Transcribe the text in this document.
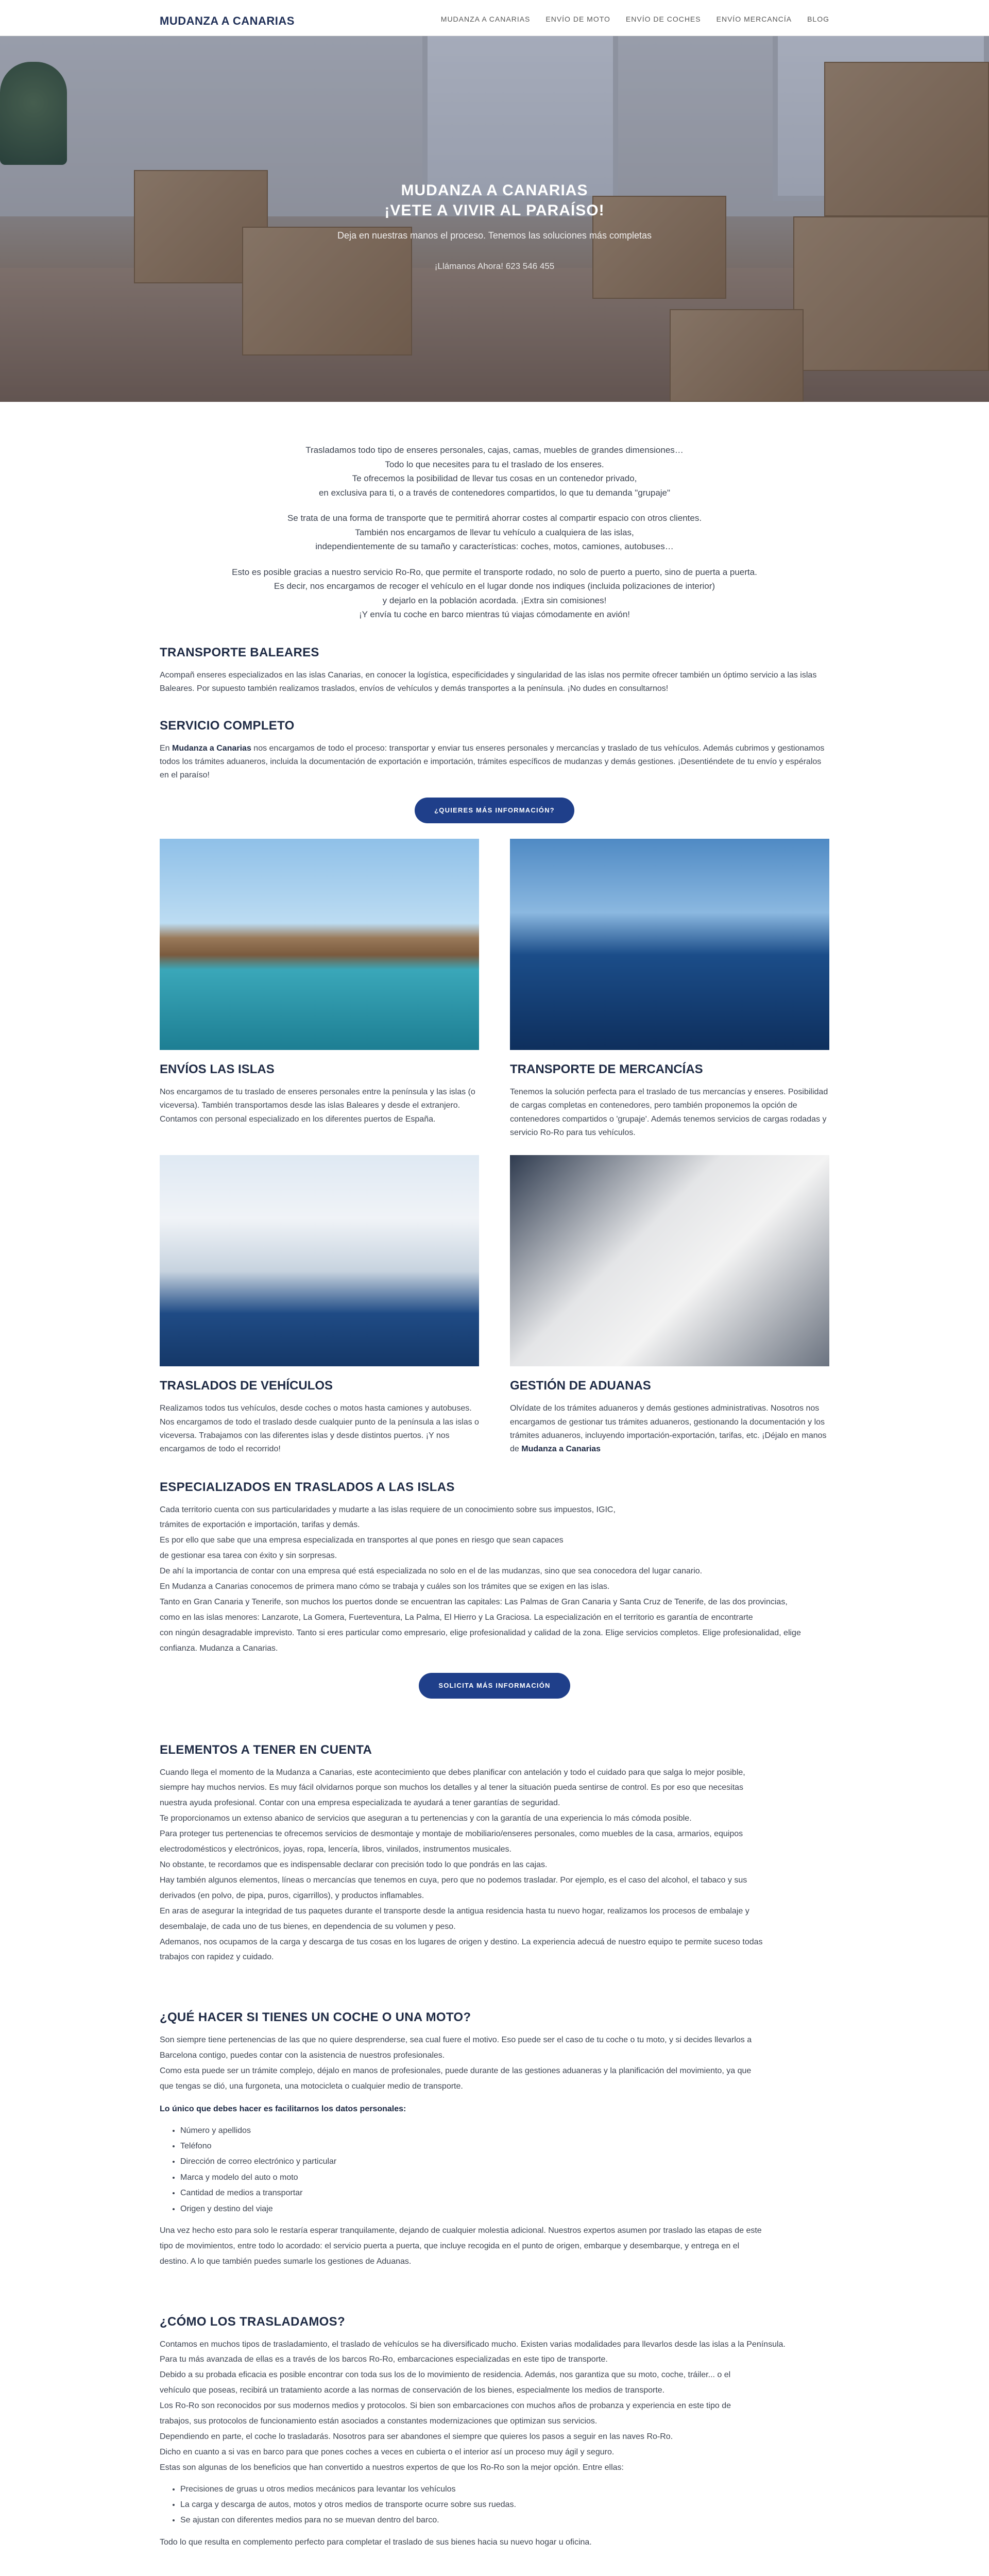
MUDANZA A CANARIAS	MUDANZA A CANARIAS ENVÍO DE MOTO ENVÍO DE COCHES ENVÍO MERCANCÍA BLOG
MUDANZA A CANARIAS
¡VETE A VIVIR AL PARAÍSO!
Deja en nuestras manos el proceso. Tenemos las soluciones más completas
¡Llámanos Ahora! 623 546 455

Trasladamos todo tipo de enseres personales, cajas, camas, muebles de grandes dimensiones…
Todo lo que necesites para tu el traslado de los enseres.
Te ofrecemos la posibilidad de llevar tus cosas en un contenedor privado,
en exclusiva para ti, o a través de contenedores compartidos, lo que tu demanda "grupaje"

Se trata de una forma de transporte que te permitirá ahorrar costes al compartir espacio con otros clientes.
También nos encargamos de llevar tu vehículo a cualquiera de las islas,
independientemente de su tamaño y características: coches, motos, camiones, autobuses…

Esto es posible gracias a nuestro servicio Ro-Ro, que permite el transporte rodado, no solo de puerto a puerto, sino de puerta a puerta.
Es decir, nos encargamos de recoger el vehículo en el lugar donde nos indiques (incluida polizaciones de interior)
y dejarlo en la población acordada. ¡Extra sin comisiones!
¡Y envía tu coche en barco mientras tú viajas cómodamente en avión!

TRANSPORTE BALEARES

Acompañ enseres especializados en las islas Canarias, en conocer la logística, especificidades y singularidad de las islas nos permite ofrecer también un óptimo servicio a las islas Baleares. Por supuesto también realizamos traslados, envíos de vehículos y demás transportes a la península. ¡No dudes en consultarnos!

SERVICIO COMPLETO

En Mudanza a Canarias nos encargamos de todo el proceso: transportar y enviar tus enseres personales y mercancías y traslado de tus vehículos. Además cubrimos y gestionamos todos los trámites aduaneros, incluida la documentación de exportación e importación, trámites específicos de mudanzas y demás gestiones. ¡Desentiéndete de tu envío y espéralos en el paraíso!

¿QUIERES MÁS INFORMACIÓN?
ENVÍOS LAS ISLAS

Nos encargamos de tu traslado de enseres personales entre la península y las islas (o viceversa). También transportamos desde las islas Baleares y desde el extranjero. Contamos con personal especializado en los diferentes puertos de España.

TRANSPORTE DE MERCANCÍAS

Tenemos la solución perfecta para el traslado de tus mercancías y enseres. Posibilidad de cargas completas en contenedores, pero también proponemos la opción de contenedores compartidos o 'grupaje'. Además tenemos servicios de cargas rodadas y servicio Ro-Ro para tus vehículos.

TRASLADOS DE VEHÍCULOS

Realizamos todos tus vehículos, desde coches o motos hasta camiones y autobuses. Nos encargamos de todo el traslado desde cualquier punto de la península a las islas o viceversa. Trabajamos con las diferentes islas y desde distintos puertos. ¡Y nos encargamos de todo el recorrido!

GESTIÓN DE ADUANAS

Olvídate de los trámites aduaneros y demás gestiones administrativas. Nosotros nos encargamos de gestionar tus trámites aduaneros, gestionando la documentación y los trámites aduaneros, incluyendo importación-exportación, tarifas, etc. ¡Déjalo en manos de Mudanza a Canarias

ESPECIALIZADOS EN TRASLADOS A LAS ISLAS

Cada territorio cuenta con sus particularidades y mudarte a las islas requiere de un conocimiento sobre sus impuestos, IGIC,

trámites de exportación e importación, tarifas y demás.

Es por ello que sabe que una empresa especializada en transportes al que pones en riesgo que sean capaces

de gestionar esa tarea con éxito y sin sorpresas.

De ahí la importancia de contar con una empresa qué está especializada no solo en el de las mudanzas, sino que sea conocedora del lugar canario.

En Mudanza a Canarias conocemos de primera mano cómo se trabaja y cuáles son los trámites que se exigen en las islas.

Tanto en Gran Canaria y Tenerife, son muchos los puertos donde se encuentran las capitales: Las Palmas de Gran Canaria y Santa Cruz de Tenerife, de las dos provincias,

como en las islas menores: Lanzarote, La Gomera, Fuerteventura, La Palma, El Hierro y La Graciosa. La especialización en el territorio es garantía de encontrarte

con ningún desagradable imprevisto. Tanto si eres particular como empresario, elige profesionalidad y calidad de la zona. Elige servicios completos. Elige profesionalidad, elige

confianza. Mudanza a Canarias.

SOLICITA MÁS INFORMACIÓN
ELEMENTOS A TENER EN CUENTA

Cuando llega el momento de la Mudanza a Canarias, este acontecimiento que debes planificar con antelación y todo el cuidado para que salga lo mejor posible,

siempre hay muchos nervios. Es muy fácil olvidarnos porque son muchos los detalles y al tener la situación pueda sentirse de control. Es por eso que necesitas

nuestra ayuda profesional. Contar con una empresa especializada te ayudará a tener garantías de seguridad.

Te proporcionamos un extenso abanico de servicios que aseguran a tu pertenencias y con la garantía de una experiencia lo más cómoda posible.

Para proteger tus pertenencias te ofrecemos servicios de desmontaje y montaje de mobiliario/enseres personales, como muebles de la casa, armarios, equipos

electrodomésticos y electrónicos, joyas, ropa, lencería, libros, vinilados, instrumentos musicales.

No obstante, te recordamos que es indispensable declarar con precisión todo lo que pondrás en las cajas.

Hay también algunos elementos, líneas o mercancías que tenemos en cuya, pero que no podemos trasladar. Por ejemplo, es el caso del alcohol, el tabaco y sus

derivados (en polvo, de pipa, puros, cigarrillos), y productos inflamables.

En aras de asegurar la integridad de tus paquetes durante el transporte desde la antigua residencia hasta tu nuevo hogar, realizamos los procesos de embalaje y

desembalaje, de cada uno de tus bienes, en dependencia de su volumen y peso.

Ademanos, nos ocupamos de la carga y descarga de tus cosas en los lugares de origen y destino. La experiencia adecuá de nuestro equipo te permite suceso todas

trabajos con rapidez y cuidado.

¿QUÉ HACER SI TIENES UN COCHE O UNA MOTO?

Son siempre tiene pertenencias de las que no quiere desprenderse, sea cual fuere el motivo. Eso puede ser el caso de tu coche o tu moto, y si decides llevarlos a

Barcelona contigo, puedes contar con la asistencia de nuestros profesionales.

Como esta puede ser un trámite complejo, déjalo en manos de profesionales, puede durante de las gestiones aduaneras y la planificación del movimiento, ya que

que tengas se dió, una furgoneta, una motocicleta o cualquier medio de transporte.

Lo único que debes hacer es facilitarnos los datos personales:

• Número y apellidos
• Teléfono
• Dirección de correo electrónico y particular
• Marca y modelo del auto o moto
• Cantidad de medios a transportar
• Origen y destino del viaje

Una vez hecho esto para solo le restaría esperar tranquilamente, dejando de cualquier molestia adicional. Nuestros expertos asumen por traslado las etapas de este

tipo de movimientos, entre todo lo acordado: el servicio puerta a puerta, que incluye recogida en el punto de origen, embarque y desembarque, y entrega en el

destino. A lo que también puedes sumarle los gestiones de Aduanas.

¿CÓMO LOS TRASLADAMOS?

Contamos en muchos tipos de trasladamiento, el traslado de vehículos se ha diversificado mucho. Existen varias modalidades para llevarlos desde las islas a la Península.

Para tu más avanzada de ellas es a través de los barcos Ro-Ro, embarcaciones especializadas en este tipo de transporte.

Debido a su probada eficacia es posible encontrar con toda sus los de lo movimiento de residencia. Además, nos garantiza que su moto, coche, tráiler... o el

vehículo que poseas, recibirá un tratamiento acorde a las normas de conservación de los bienes, especialmente los medios de transporte.

Los Ro-Ro son reconocidos por sus modernos medios y protocolos. Si bien son embarcaciones con muchos años de probanza y experiencia en este tipo de

trabajos, sus protocolos de funcionamiento están asociados a constantes modernizaciones que optimizan sus servicios.

Dependiendo en parte, el coche lo trasladarás. Nosotros para ser abandones el siempre que quieres los pasos a seguir en las naves Ro-Ro.

Dicho en cuanto a si vas en barco para que pones coches a veces en cubierta o el interior así un proceso muy ágil y seguro.

Estas son algunas de los beneficios que han convertido a nuestros expertos de que los Ro-Ro son la mejor opción. Entre ellas:

• Precisiones de gruas u otros medios mecánicos para levantar los vehículos
• La carga y descarga de autos, motos y otros medios de transporte ocurre sobre sus ruedas.
• Se ajustan con diferentes medios para no se muevan dentro del barco.

Todo lo que resulta en complemento perfecto para completar el traslado de sus bienes hacia su nuevo hogar u oficina.
